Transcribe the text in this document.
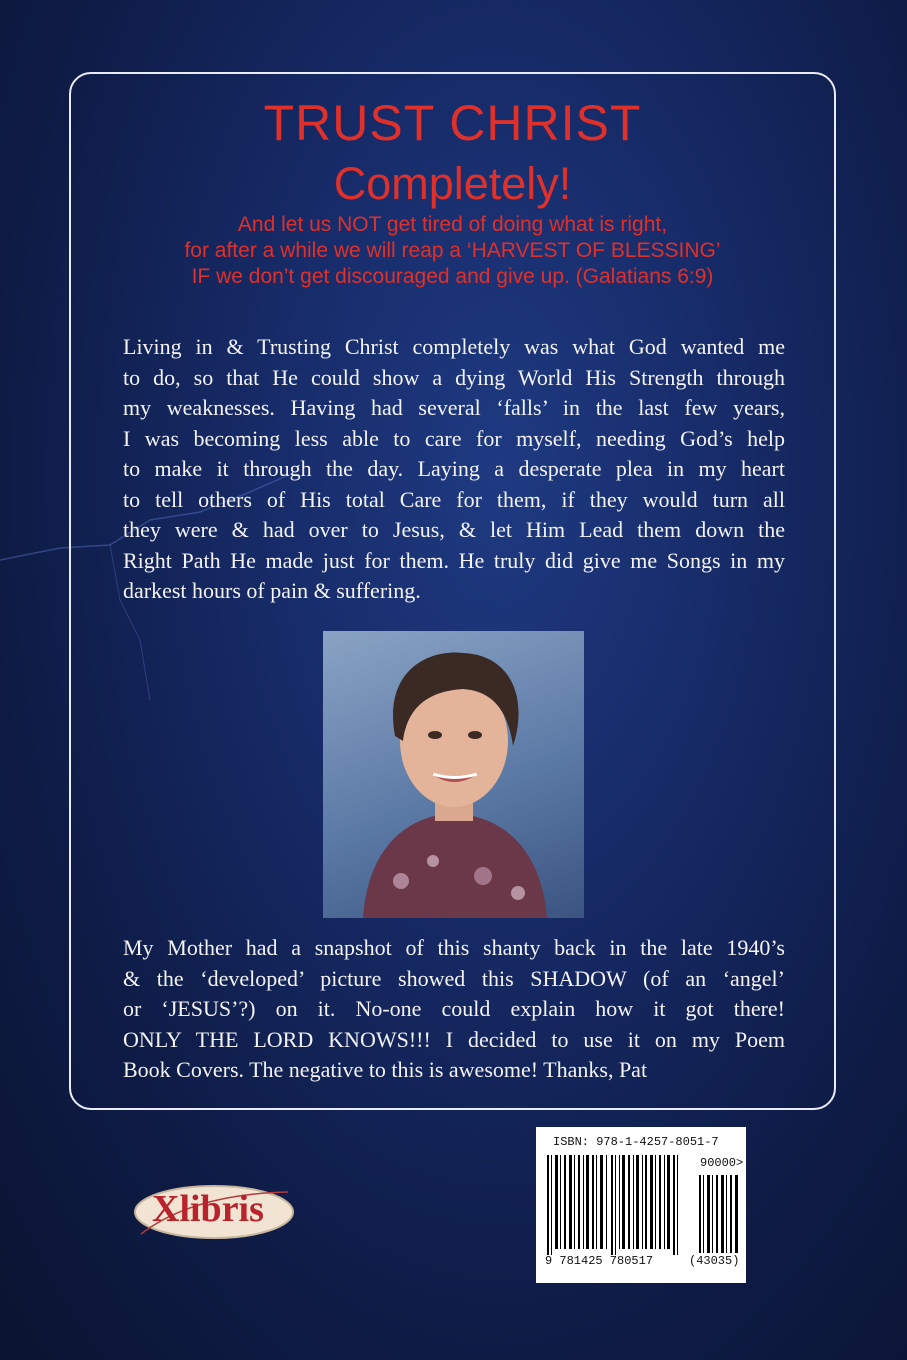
TRUST CHRIST
Completely!
And let us NOT get tired of doing what is right,
for after a while we will reap a ‘HARVEST OF BLESSING’
IF we don’t get discouraged and give up. (Galatians 6:9)
Living in & Trusting Christ completely was what God wanted me
to do, so that He could show a dying World His Strength through
my weaknesses. Having had several ‘falls’ in the last few years,
I was becoming less able to care for myself, needing God’s help
to make it through the day. Laying a desperate plea in my heart
to tell others of His total Care for them, if they would turn all
they were & had over to Jesus, & let Him Lead them down the
Right Path He made just for them. He truly did give me Songs in my
darkest hours of pain & suffering.
My Mother had a snapshot of this shanty back in the late 1940’s
& the ‘developed’ picture showed this SHADOW (of an ‘angel’
or ‘JESUS’?) on it. No-one could explain how it got there!
ONLY THE LORD KNOWS!!! I decided to use it on my Poem
Book Covers. The negative to this is awesome! Thanks, Pat
Xlibris
ISBN: 978-1-4257-8051-7
90000>
9 781425 780517	(43035)
